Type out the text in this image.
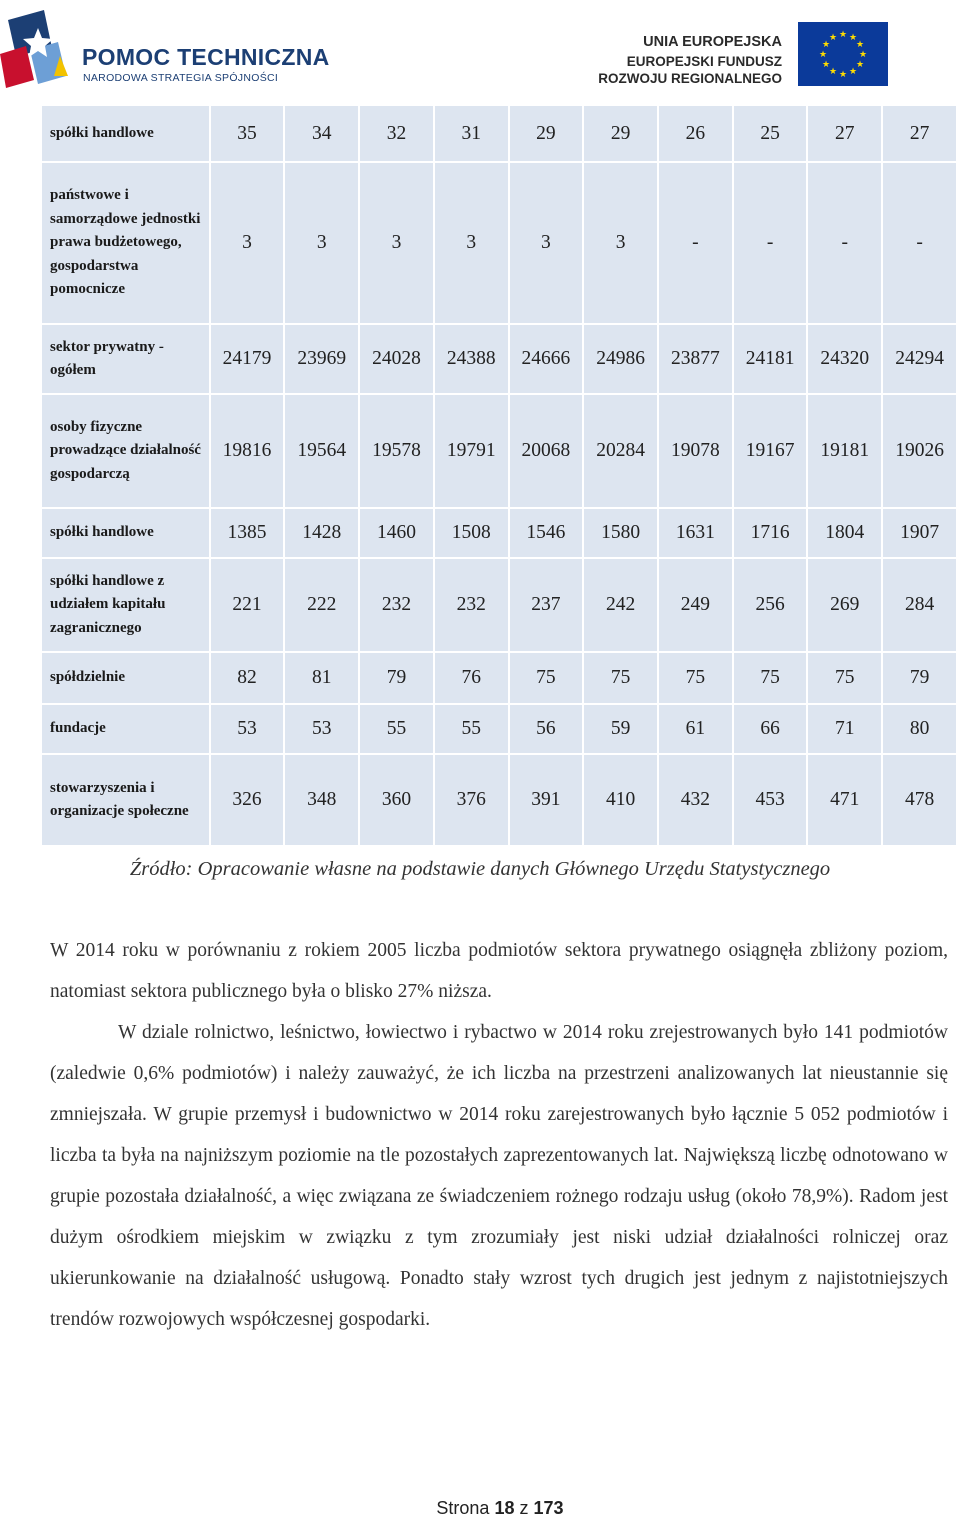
POMOC TECHNICZNA
NARODOWA STRATEGIA SPÓJNOŚCI
UNIA EUROPEJSKA
EUROPEJSKI FUNDUSZ
ROZWOJU REGIONALNEGO
★ ★
★
★
★
★
★
★
★
★
★
★
spółki handlowe	35	34	32	31	29	29	26	25	27	27
państwowe i samorządowe jednostki prawa budżetowego, gospodarstwa pomocnicze	3	3	3	3	3	3	-	-	-	-
sektor prywatny - ogółem	24179	23969	24028	24388	24666	24986	23877	24181	24320	24294
osoby fizyczne prowadzące działalność gospodarczą	19816	19564	19578	19791	20068	20284	19078	19167	19181	19026
spółki handlowe	1385	1428	1460	1508	1546	1580	1631	1716	1804	1907
spółki handlowe z udziałem kapitału zagranicznego	221	222	232	232	237	242	249	256	269	284
spółdzielnie	82	81	79	76	75	75	75	75	75	79
fundacje	53	53	55	55	56	59	61	66	71	80
stowarzyszenia i organizacje społeczne	326	348	360	376	391	410	432	453	471	478
Źródło: Opracowanie własne na podstawie danych Głównego Urzędu Statystycznego

W 2014 roku w porównaniu z rokiem 2005 liczba podmiotów sektora prywatnego osiągnęła zbliżony poziom, natomiast sektora publicznego była o blisko 27% niższa.

W dziale rolnictwo, leśnictwo, łowiectwo i rybactwo w 2014 roku zrejestrowanych było 141 podmiotów (zaledwie 0,6% podmiotów) i należy zauważyć, że ich liczba na przestrzeni analizowanych lat nieustannie się zmniejszała. W grupie przemysł i budownictwo w 2014 roku zarejestrowanych było łącznie 5 052 podmiotów i liczba ta była na najniższym poziomie na tle pozostałych zaprezentowanych lat. Największą liczbę odnotowano w grupie pozostała działalność, a więc związana ze świadczeniem rożnego rodzaju usług (około 78,9%). Radom jest dużym ośrodkiem miejskim w związku z tym zrozumiały jest niski udział działalności rolniczej oraz ukierunkowanie na działalność usługową. Ponadto stały wzrost tych drugich jest jednym z najistotniejszych trendów rozwojowych współczesnej gospodarki.

Strona 18 z 173
